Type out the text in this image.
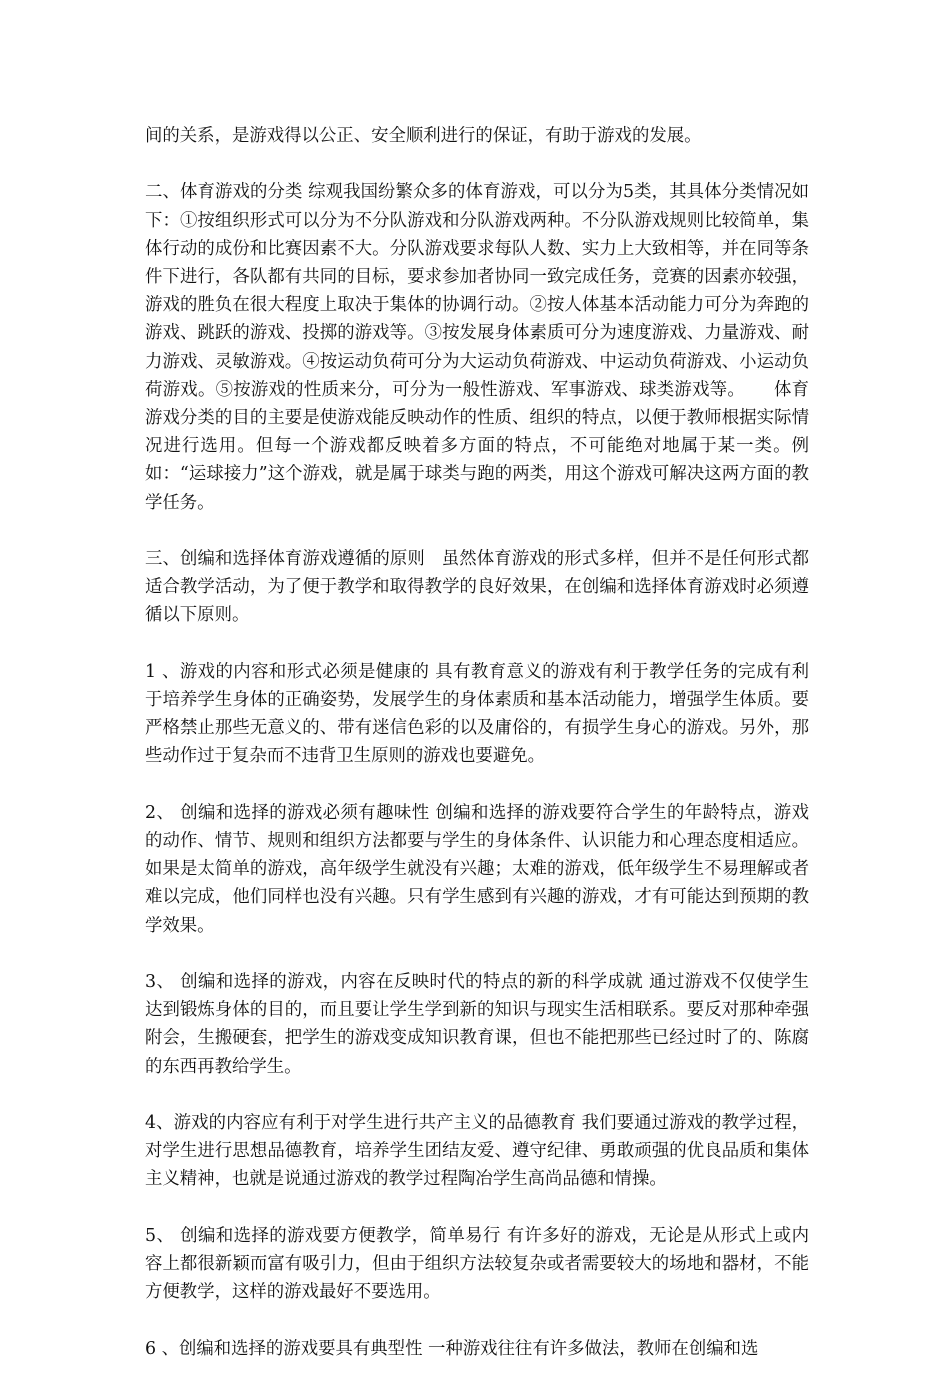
间的关系，是游戏得以公正、安全顺利进行的保证，有助于游戏的发展。

二、体育游戏的分类 综观我国纷繁众多的体育游戏，可以分为5类，其具体分类情况如下：①按组织形式可以分为不分队游戏和分队游戏两种。不分队游戏规则比较简单，集体行动的成份和比赛因素不大。分队游戏要求每队人数、实力上大致相等，并在同等条件下进行，各队都有共同的目标，要求参加者协同一致完成任务，竞赛的因素亦较强，游戏的胜负在很大程度上取决于集体的协调行动。②按人体基本活动能力可分为奔跑的游戏、跳跃的游戏、投掷的游戏等。③按发展身体素质可分为速度游戏、力量游戏、耐力游戏、灵敏游戏。④按运动负荷可分为大运动负荷游戏、中运动负荷游戏、小运动负荷游戏。⑤按游戏的性质来分，可分为一般性游戏、军事游戏、球类游戏等。     体育游戏分类的目的主要是使游戏能反映动作的性质、组织的特点，以便于教师根据实际情况进行选用。但每一个游戏都反映着多方面的特点，不可能绝对地属于某一类。例如：“运球接力”这个游戏，就是属于球类与跑的两类，用这个游戏可解决这两方面的教学任务。

三、创编和选择体育游戏遵循的原则   虽然体育游戏的形式多样，但并不是任何形式都适合教学活动，为了便于教学和取得教学的良好效果，在创编和选择体育游戏时必须遵循以下原则。

1 、游戏的内容和形式必须是健康的 具有教育意义的游戏有利于教学任务的完成有利于培养学生身体的正确姿势，发展学生的身体素质和基本活动能力，增强学生体质。要严格禁止那些无意义的、带有迷信色彩的以及庸俗的，有损学生身心的游戏。另外，那些动作过于复杂而不违背卫生原则的游戏也要避免。

2、 创编和选择的游戏必须有趣味性 创编和选择的游戏要符合学生的年龄特点，游戏的动作、情节、规则和组织方法都要与学生的身体条件、认识能力和心理态度相适应。如果是太简单的游戏，高年级学生就没有兴趣；太难的游戏，低年级学生不易理解或者难以完成，他们同样也没有兴趣。只有学生感到有兴趣的游戏，才有可能达到预期的教学效果。

3、 创编和选择的游戏，内容在反映时代的特点的新的科学成就 通过游戏不仅使学生达到锻炼身体的目的，而且要让学生学到新的知识与现实生活相联系。要反对那种牵强附会，生搬硬套，把学生的游戏变成知识教育课，但也不能把那些已经过时了的、陈腐的东西再教给学生。

4、游戏的内容应有利于对学生进行共产主义的品德教育 我们要通过游戏的教学过程，对学生进行思想品德教育，培养学生团结友爱、遵守纪律、勇敢顽强的优良品质和集体主义精神，也就是说通过游戏的教学过程陶冶学生高尚品德和情操。

5、 创编和选择的游戏要方便教学，简单易行 有许多好的游戏，无论是从形式上或内容上都很新颖而富有吸引力，但由于组织方法较复杂或者需要较大的场地和器材，不能方便教学，这样的游戏最好不要选用。

6 、创编和选择的游戏要具有典型性 一种游戏往往有许多做法，教师在创编和选
